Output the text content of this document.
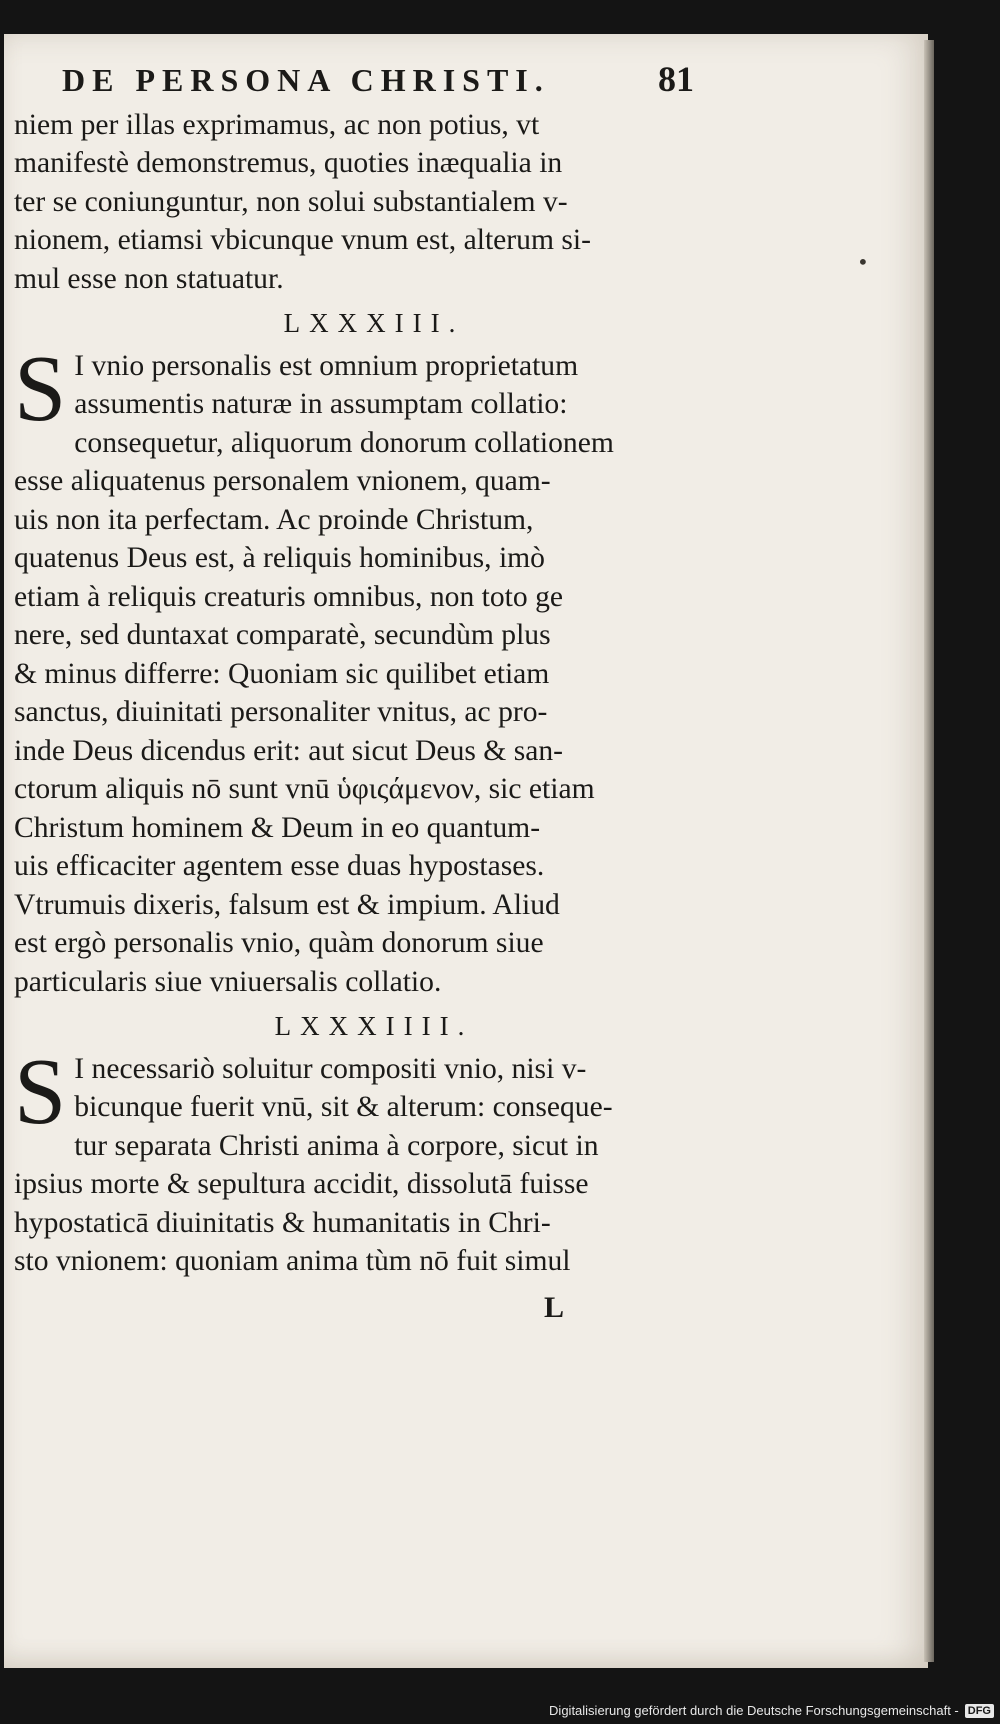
•
DE PERSONA CHRISTI.	81
niem per illas exprimamus, ac non potius, vt
manifestè demonstremus, quoties inæqualia in
ter se coniunguntur, non solui substantialem v-
nionem, etiamsi vbicunque vnum est, alterum si-
mul esse non statuatur.
LXXXIII.
S I vnio personalis est omnium proprietatum
assumentis naturæ in assumptam collatio:
consequetur, aliquorum donorum collationem
esse aliquatenus personalem vnionem, quam-
uis non ita perfectam. Ac proinde Christum,
quatenus Deus est, à reliquis hominibus, imò
etiam à reliquis creaturis omnibus, non toto ge
nere, sed duntaxat comparatè, secundùm plus
& minus differre: Quoniam sic quilibet etiam
sanctus, diuinitati personaliter vnitus, ac pro-
inde Deus dicendus erit: aut sicut Deus & san-
ctorum aliquis nō sunt vnū ὑφιςάμενον, sic etiam
Christum hominem & Deum in eo quantum-
uis efficaciter agentem esse duas hypostases.
Vtrumuis dixeris, falsum est & impium. Aliud
est ergò personalis vnio, quàm donorum siue
particularis siue vniuersalis collatio.
LXXXIIII.
S I necessariò soluitur compositi vnio, nisi v-
bicunque fuerit vnū, sit & alterum: conseque-
tur separata Christi anima à corpore, sicut in
ipsius morte & sepultura accidit, dissolutā fuisse
hypostaticā diuinitatis & humanitatis in Chri-
sto vnionem: quoniam anima tùm nō fuit simul
L
Digitalisierung gefördert durch die Deutsche Forschungsgemeinschaft - DFG
